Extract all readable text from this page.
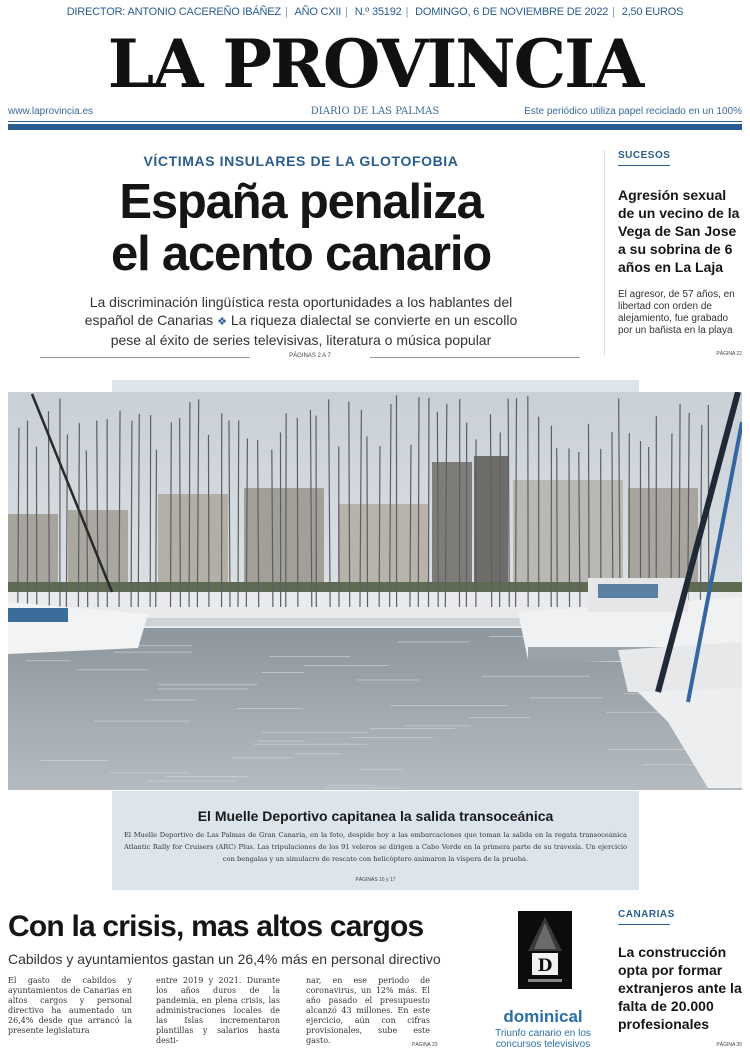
DIRECTOR: ANTONIO CACEREÑO IBÁÑEZ | AÑO CXII | N.º 35192 | DOMINGO, 6 DE NOVIEMBRE DE 2022 | 2,50 EUROS
LA PROVINCIA
www.laprovincia.es	DIARIO DE LAS PALMAS	Este periódico utiliza papel reciclado en un 100%
VÍCTIMAS INSULARES DE LA GLOTOFOBIA
España penaliza
el acento canario
La discriminación lingüística resta oportunidades a los hablantes del
español de Canarias ❖ La riqueza dialectal se convierte en un escollo
pese al éxito de series televisivas, literatura o música popular
PÁGINAS 2 A 7
SUCESOS
Agresión sexual de un vecino de la Vega de San Jose a su sobrina de 6 años en La Laja
El agresor, de 57 años, en libertad con orden de alejamiento, fue grabado por un bañista en la playa
PÁGINA 22
El Muelle Deportivo capitanea la salida transoceánica
El Muelle Deportivo de Las Palmas de Gran Canaria, en la foto, despide hoy a las embarcaciones que toman la salida en la regata transoceánica Atlantic Rally for Cruisers (ARC) Plus. Las tripulaciones de los 91 veleros se dirigen a Cabo Verde en la primera parte de su travesía. Un ejercicio con bengalas y un simulacro de rescate con helicóptero animaron la víspera de la prueba.
PÁGINAS 16 y 17
Con la crisis, mas altos cargos
Cabildos y ayuntamientos gastan un 26,4% más en personal directivo
El gasto de cabildos y ayuntamientos de Canarias en altos cargos y personal directivo ha aumentado un 26,4% desde que arrancó la presente legislatura
entre 2019 y 2021. Durante los años duros de la pandemia, en plena crisis, las administraciones locales de las Islas incrementaron plantillas y salarios hasta desti-
nar, en ese periodo de coronavirus, un 12% más. El año pasado el presupuesto alcanzó 43 millones. En este ejercicio, aún con cifras provisionales, sube este gasto.	PÁGINA 23
D
dominical
Triunfo canario en los concursos televisivos
CANARIAS
La construcción opta por formar extranjeros ante la falta de 20.000 profesionales
PÁGINA 35
